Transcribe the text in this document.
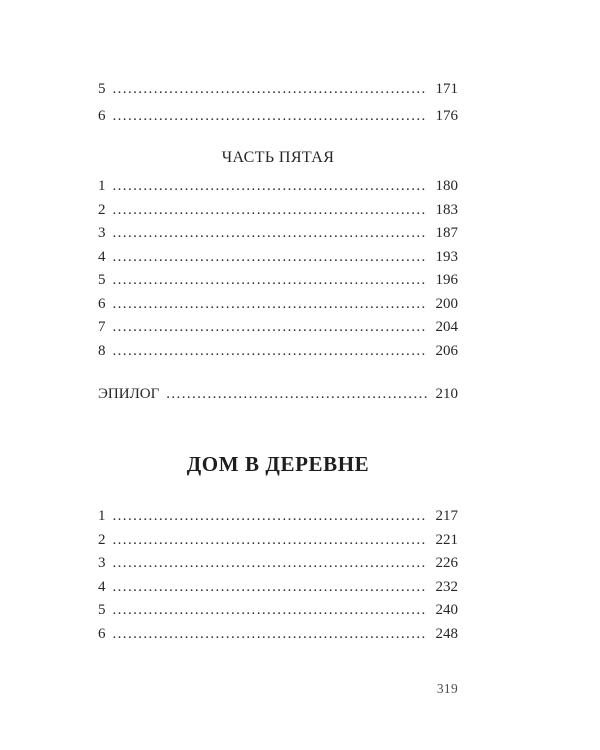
5 .....	171
6 .....	176
ЧАСТЬ ПЯТАЯ
1 .....	180
2 .....	183
3 .....	187
4 .....	193
5 .....	196
6 .....	200
7 .....	204
8 .....	206
ЭПИЛОГ .....	210
ДОМ В ДЕРЕВНЕ
1 .....	217
2 .....	221
3 .....	226
4 .....	232
5 .....	240
6 .....	248
319
